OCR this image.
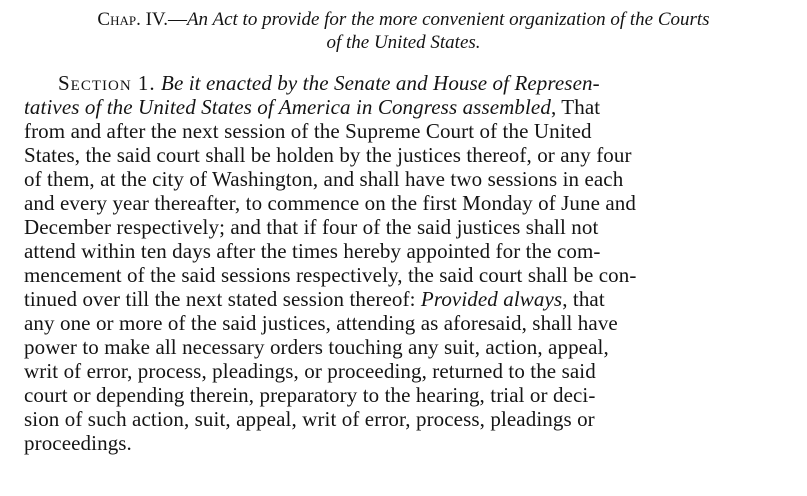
Chap. IV.—An Act to provide for the more convenient organization of the Courts
of the United States.
Section 1. Be it enacted by the Senate and House of Represen-
tatives of the United States of America in Congress assembled, That
from and after the next session of the Supreme Court of the United
States, the said court shall be holden by the justices thereof, or any four
of them, at the city of Washington, and shall have two sessions in each
and every year thereafter, to commence on the first Monday of June and
December respectively; and that if four of the said justices shall not
attend within ten days after the times hereby appointed for the com-
mencement of the said sessions respectively, the said court shall be con-
tinued over till the next stated session thereof: Provided always, that
any one or more of the said justices, attending as aforesaid, shall have
power to make all necessary orders touching any suit, action, appeal,
writ of error, process, pleadings, or proceeding, returned to the said
court or depending therein, preparatory to the hearing, trial or deci-
sion of such action, suit, appeal, writ of error, process, pleadings or
proceedings.
